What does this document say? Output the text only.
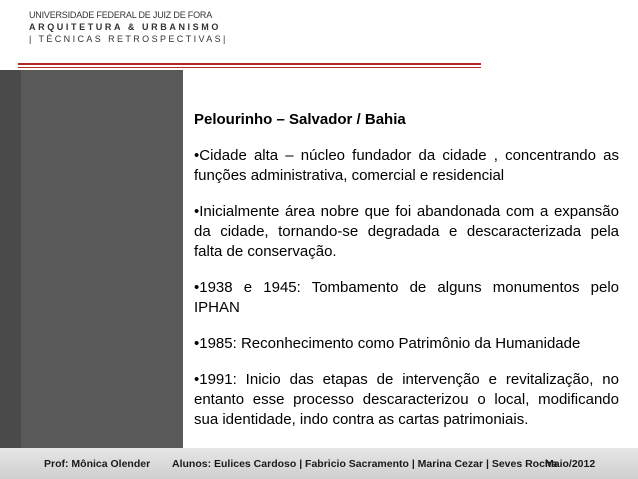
UNIVERSIDADE FEDERAL DE JUIZ DE FORA
ARQUITETURA & URBANISMO
| TÉCNICAS RETROSPECTIVAS|
Pelourinho – Salvador / Bahia

•Cidade alta – núcleo fundador da cidade , concentrando as funções administrativa, comercial e residencial

•Inicialmente área nobre que foi abandonada com a expansão da cidade, tornando-se degradada e descaracterizada pela falta de conservação.

•1938 e 1945: Tombamento de alguns monumentos pelo IPHAN

•1985: Reconhecimento como Patrimônio da Humanidade

•1991: Inicio das etapas de intervenção e revitalização, no entanto esse processo descaracterizou o local, modificando sua identidade, indo contra as cartas patrimoniais.

Prof: Mônica Olender Alunos: Eulices Cardoso | Fabricio Sacramento | Marina Cezar | Seves Rocha
Maio/2012
